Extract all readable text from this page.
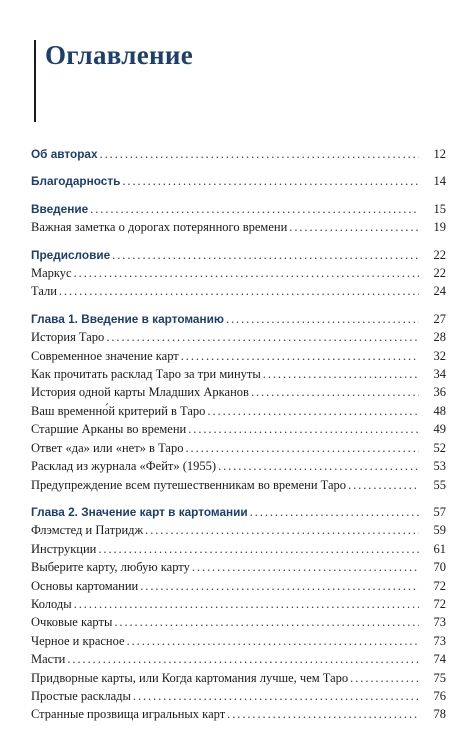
Оглавление
Об авторах . . .	12
Благодарность . . .	14
Введение . . .	15
Важная заметка о дорогах потерянного времени . . .	19
Предисловие . . .	22
Маркус . . .	22
Тали . . .	24
Глава 1. Введение в картоманию . . .	27
История Таро . . .	28
Современное значение карт . . .	32
Как прочитать расклад Таро за три минуты . . .	34
История одной карты Младших Арканов . . .	36
Ваш временно́й критерий в Таро . . .	48
Старшие Арканы во времени . . .	49
Ответ «да» или «нет» в Таро . . .	52
Расклад из журнала «Фейт» (1955) . . .	53
Предупреждение всем путешественникам во времени Таро . . .	55
Глава 2. Значение карт в картомании . . .	57
Флэмстед и Патридж . . .	59
Инструкции . . .	61
Выберите карту, любую карту . . .	70
Основы картомании . . .	72
Колоды . . .	72
Очковые карты . . .	73
Черное и красное . . .	73
Масти . . .	74
Придворные карты, или Когда картомания лучше, чем Таро . . .	75
Простые расклады . . .	76
Странные прозвища игральных карт . . .	78
